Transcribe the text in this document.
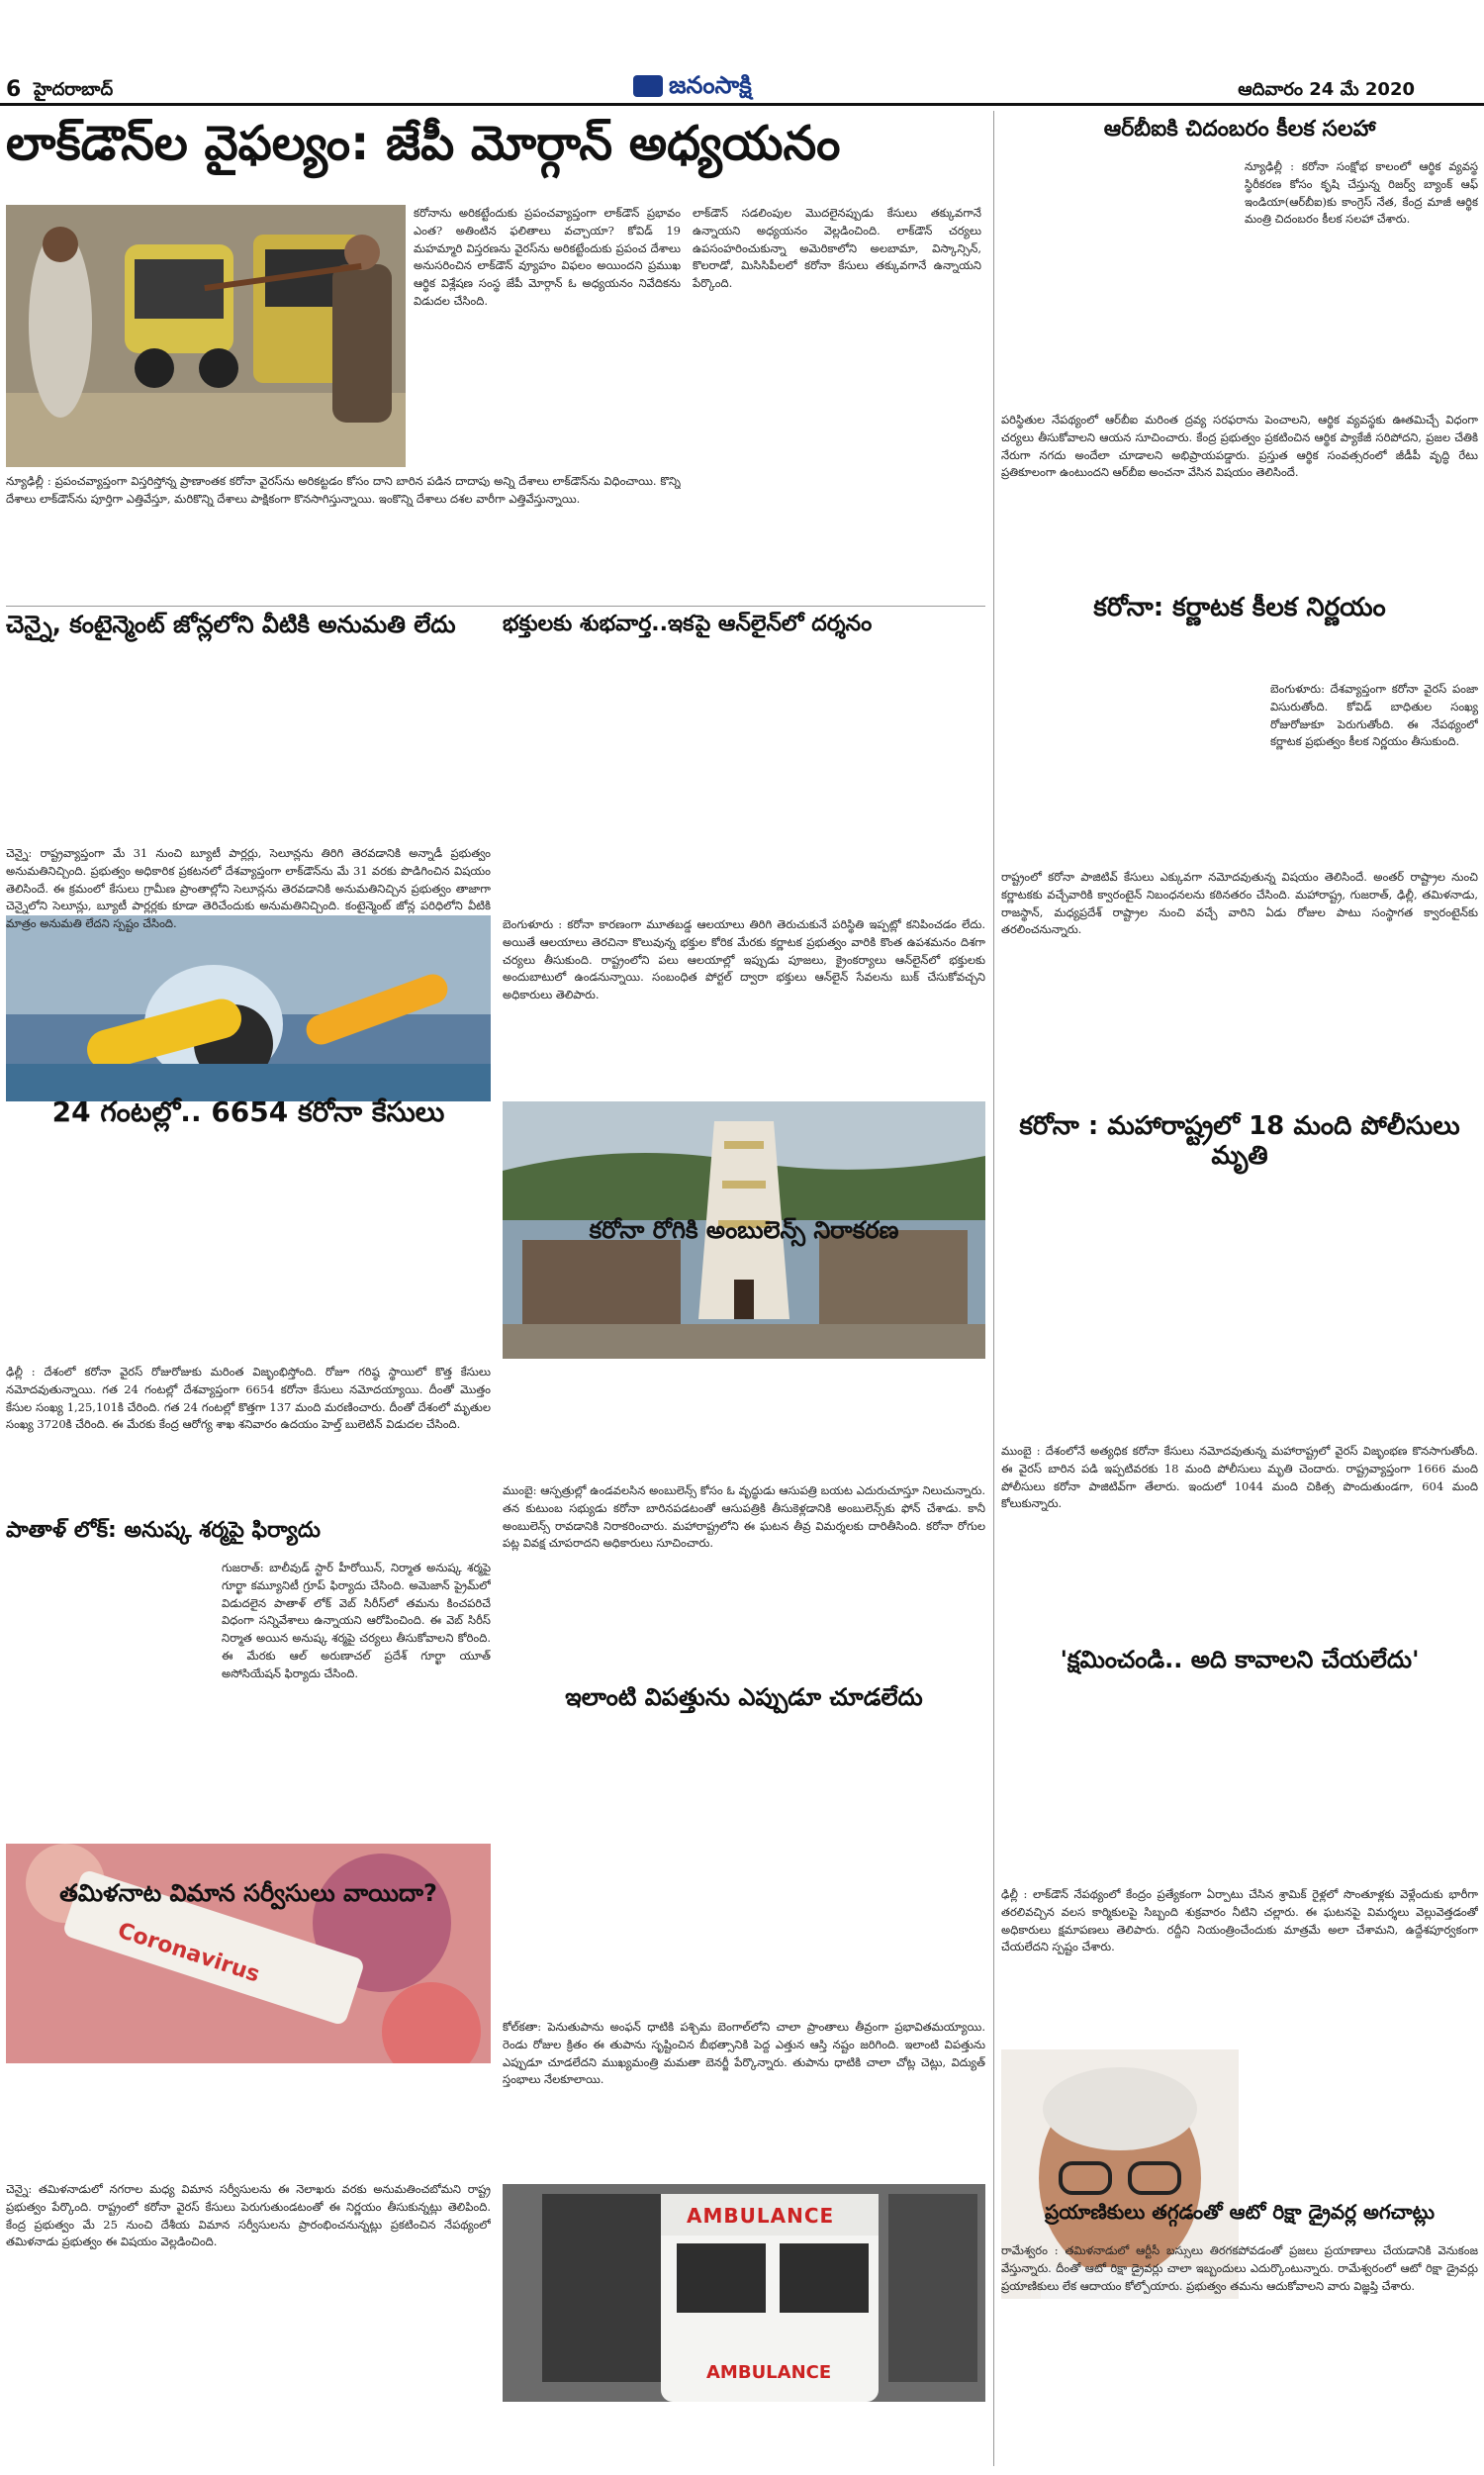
6 హైదరాబాద్	జనంసాక్షి	ఆదివారం 24 మే 2020
లాక్‌డౌన్‌ల వైఫల్యం: జేపీ మోర్గాన్ అధ్యయనం
కరోనాను అరికట్టేందుకు ప్రపంచవ్యాప్తంగా లాక్‌డౌన్ ప్రభావం ఎంత? అతింటిన ఫలితాలు వచ్చాయా? కోవిడ్ 19 మహమ్మారి విస్తరణను వైరస్‌ను అరికట్టేందుకు ప్రపంచ దేశాలు అనుసరించిన లాక్‌డౌన్ వ్యూహం విఫలం అయిందని ప్రముఖ ఆర్థిక విశ్లేషణ సంస్థ జేపీ మోర్గాన్ ఓ అధ్యయనం నివేదికను విడుదల చేసింది.
లాక్‌డౌన్ సడలింపుల మొదలైనప్పుడు కేసులు తక్కువగానే ఉన్నాయని అధ్యయనం వెల్లడించింది. లాక్‌డౌన్ చర్యలు ఉపసంహరించుకున్నా అమెరికాలోని అలబామా, విస్కాన్సిన్, కొలరాడో, మిసిసిపీలలో కరోనా కేసులు తక్కువగానే ఉన్నాయని పేర్కొంది.
న్యూఢిల్లీ : ప్రపంచవ్యాప్తంగా విస్తరిస్తోన్న ప్రాణాంతక కరోనా వైరస్‌ను అరికట్టడం కోసం దాని బారిన పడిన దాదాపు అన్ని దేశాలు లాక్‌డౌన్‌ను విధించాయి. కొన్ని దేశాలు లాక్‌డౌన్‌ను పూర్తిగా ఎత్తివేస్తూ, మరికొన్ని దేశాలు పాక్షికంగా కొనసాగిస్తున్నాయి. ఇంకొన్ని దేశాలు దశల వారీగా ఎత్తివేస్తున్నాయి.
చెన్నై, కంటైన్మెంట్ జోన్లలోని వీటికి అనుమతి లేదు
చెన్నై: రాష్ట్రవ్యాప్తంగా మే 31 నుంచి బ్యూటీ పార్లర్లు, సెలూన్లను తిరిగి తెరవడానికి అన్నాడీ ప్రభుత్వం అనుమతినిచ్చింది. ప్రభుత్వం అధికారిక ప్రకటనలో దేశవ్యాప్తంగా లాక్‌డౌన్‌ను మే 31 వరకు పొడిగించిన విషయం తెలిసిందే. ఈ క్రమంలో కేసులు గ్రామీణ ప్రాంతాల్లోని సెలూన్లను తెరవడానికి అనుమతినిచ్చిన ప్రభుత్వం తాజాగా చెన్నైలోని సెలూన్లు, బ్యూటీ పార్లర్లకు కూడా తెరిచేందుకు అనుమతినిచ్చింది. కంటైన్మెంట్ జోన్ల పరిధిలోని వీటికి మాత్రం అనుమతి లేదని స్పష్టం చేసింది.
భక్తులకు శుభవార్త..ఇకపై ఆన్‌లైన్‌లో దర్శనం
బెంగుళూరు : కరోనా కారణంగా మూతబడ్డ ఆలయాలు తిరిగి తెరుచుకునే పరిస్థితి ఇప్పట్లో కనిపించడం లేదు. అయితే ఆలయాలు తెరచినా కొలువున్న భక్తుల కోరిక మేరకు కర్ణాటక ప్రభుత్వం వారికి కొంత ఉపశమనం దిశగా చర్యలు తీసుకుంది. రాష్ట్రంలోని పలు ఆలయాల్లో ఇప్పుడు పూజలు, క్రైంకర్యాలు ఆన్‌లైన్‌లో భక్తులకు అందుబాటులో ఉండనున్నాయి. సంబంధిత పోర్టల్ ద్వారా భక్తులు ఆన్‌లైన్ సేవలను బుక్ చేసుకోవచ్చని అధికారులు తెలిపారు.
24 గంటల్లో.. 6654 కరోనా కేసులు
Coronavirus
ఢిల్లీ : దేశంలో కరోనా వైరస్ రోజురోజుకు మరింత విజృంభిస్తోంది. రోజూ గరిష్ఠ స్థాయిలో కొత్త కేసులు నమోదవుతున్నాయి. గత 24 గంటల్లో దేశవ్యాప్తంగా 6654 కరోనా కేసులు నమోదయ్యాయి. దీంతో మొత్తం కేసుల సంఖ్య 1,25,101కి చేరింది. గత 24 గంటల్లో కొత్తగా 137 మంది మరణించారు. దీంతో దేశంలో మృతుల సంఖ్య 3720కి చేరింది. ఈ మేరకు కేంద్ర ఆరోగ్య శాఖ శనివారం ఉదయం హెల్త్ బులెటిన్ విడుదల చేసింది.
కరోనా రోగికి అంబులెన్స్ నిరాకరణ
AMBULANCE
AMBULANCE
ముంబై: ఆస్పత్రుల్లో ఉండవలసిన అంబులెన్స్ కోసం ఓ వృద్ధుడు ఆసుపత్రి బయట ఎదురుచూస్తూ నిలుచున్నారు. తన కుటుంబ సభ్యుడు కరోనా బారినపడటంతో ఆసుపత్రికి తీసుకెళ్లడానికి అంబులెన్స్‌కు ఫోన్ చేశాడు. కానీ అంబులెన్స్ రావడానికి నిరాకరించారు. మహారాష్ట్రలోని ఈ ఘటన తీవ్ర విమర్శలకు దారితీసింది. కరోనా రోగుల పట్ల వివక్ష చూపరాదని అధికారులు సూచించారు.
పాతాళ్ లోక్: అనుష్క శర్మపై ఫిర్యాదు
గుజరాత్: బాలీవుడ్ స్టార్ హీరోయిన్, నిర్మాత అనుష్క శర్మపై గూర్ఖా కమ్యూనిటీ గ్రూప్ ఫిర్యాదు చేసింది. అమెజాన్ ప్రైమ్‌లో విడుదలైన పాతాళ్ లోక్ వెబ్ సిరీస్‌లో తమను కించపరిచే విధంగా సన్నివేశాలు ఉన్నాయని ఆరోపించింది. ఈ వెబ్ సిరీస్ నిర్మాత అయిన అనుష్క శర్మపై చర్యలు తీసుకోవాలని కోరింది. ఈ మేరకు ఆల్ అరుణాచల్ ప్రదేశ్ గూర్ఖా యూత్ అసోసియేషన్ ఫిర్యాదు చేసింది.
ఇలాంటి విపత్తును ఎప్పుడూ చూడలేదు
కోల్‌కతా: పెనుతుపాను అంఫన్ ధాటికి పశ్చిమ బెంగాల్‌లోని చాలా ప్రాంతాలు తీవ్రంగా ప్రభావితమయ్యాయి. రెండు రోజుల క్రితం ఈ తుపాను సృష్టించిన బీభత్సానికి పెద్ద ఎత్తున ఆస్తి నష్టం జరిగింది. ఇలాంటి విపత్తును ఎప్పుడూ చూడలేదని ముఖ్యమంత్రి మమతా బెనర్జీ పేర్కొన్నారు. తుపాను ధాటికి చాలా చోట్ల చెట్లు, విద్యుత్ స్తంభాలు నేలకూలాయి.
తమిళనాట విమాన సర్వీసులు వాయిదా?
చెన్నై: తమిళనాడులో నగరాల మధ్య విమాన సర్వీసులను ఈ నెలాఖరు వరకు అనుమతించబోమని రాష్ట్ర ప్రభుత్వం పేర్కొంది. రాష్ట్రంలో కరోనా వైరస్ కేసులు పెరుగుతుండటంతో ఈ నిర్ణయం తీసుకున్నట్లు తెలిపింది. కేంద్ర ప్రభుత్వం మే 25 నుంచి దేశీయ విమాన సర్వీసులను ప్రారంభించనున్నట్లు ప్రకటించిన నేపథ్యంలో తమిళనాడు ప్రభుత్వం ఈ విషయం వెల్లడించింది.
ఆర్‌బీఐకి చిదంబరం కీలక సలహా
న్యూఢిల్లీ : కరోనా సంక్షోభ కాలంలో ఆర్థిక వ్యవస్థ స్థిరీకరణ కోసం కృషి చేస్తున్న రిజర్వ్ బ్యాంక్ ఆఫ్ ఇండియా(ఆర్‌బీఐ)కు కాంగ్రెస్ నేత, కేంద్ర మాజీ ఆర్థిక మంత్రి చిదంబరం కీలక సలహా చేశారు.
పరిస్థితుల నేపథ్యంలో ఆర్‌బీఐ మరింత ద్రవ్య సరఫరాను పెంచాలని, ఆర్థిక వ్యవస్థకు ఊతమిచ్చే విధంగా చర్యలు తీసుకోవాలని ఆయన సూచించారు. కేంద్ర ప్రభుత్వం ప్రకటించిన ఆర్థిక ప్యాకేజీ సరిపోదని, ప్రజల చేతికి నేరుగా నగదు అందేలా చూడాలని అభిప్రాయపడ్డారు. ప్రస్తుత ఆర్థిక సంవత్సరంలో జీడీపీ వృద్ధి రేటు ప్రతికూలంగా ఉంటుందని ఆర్‌బీఐ అంచనా వేసిన విషయం తెలిసిందే.
కరోనా: కర్ణాటక కీలక నిర్ణయం
బెంగుళూరు: దేశవ్యాప్తంగా కరోనా వైరస్ పంజా విసురుతోంది. కోవిడ్ బాధితుల సంఖ్య రోజురోజుకూ పెరుగుతోంది. ఈ నేపథ్యంలో కర్ణాటక ప్రభుత్వం కీలక నిర్ణయం తీసుకుంది.
రాష్ట్రంలో కరోనా పాజిటివ్ కేసులు ఎక్కువగా నమోదవుతున్న విషయం తెలిసిందే. అంతర్ రాష్ట్రాల నుంచి కర్ణాటకకు వచ్చేవారికి క్వారంటైన్ నిబంధనలను కఠినతరం చేసింది. మహారాష్ట్ర, గుజరాత్, ఢిల్లీ, తమిళనాడు, రాజస్థాన్, మధ్యప్రదేశ్ రాష్ట్రాల నుంచి వచ్చే వారిని ఏడు రోజుల పాటు సంస్థాగత క్వారంటైన్‌కు తరలించనున్నారు.
కరోనా : మహారాష్ట్రలో 18 మంది పోలీసులు మృతి
ముంబై : దేశంలోనే అత్యధిక కరోనా కేసులు నమోదవుతున్న మహారాష్ట్రలో వైరస్ విజృంభణ కొనసాగుతోంది. ఈ వైరస్ బారిన పడి ఇప్పటివరకు 18 మంది పోలీసులు మృతి చెందారు. రాష్ట్రవ్యాప్తంగా 1666 మంది పోలీసులు కరోనా పాజిటివ్‌గా తేలారు. ఇందులో 1044 మంది చికిత్స పొందుతుండగా, 604 మంది కోలుకున్నారు.
'క్షమించండి.. అది కావాలని చేయలేదు'
ఢిల్లీ : లాక్‌డౌన్ నేపథ్యంలో కేంద్రం ప్రత్యేకంగా ఏర్పాటు చేసిన శ్రామిక్ రైళ్లలో సొంతూళ్లకు వెళ్లేందుకు భారీగా తరలివచ్చిన వలస కార్మికులపై సిబ్బంది శుక్రవారం నీటిని చల్లారు. ఈ ఘటనపై విమర్శలు వెల్లువెత్తడంతో అధికారులు క్షమాపణలు తెలిపారు. రద్దీని నియంత్రించేందుకు మాత్రమే అలా చేశామని, ఉద్దేశపూర్వకంగా చేయలేదని స్పష్టం చేశారు.
ప్రయాణికులు తగ్గడంతో ఆటో రిక్షా డ్రైవర్ల అగచాట్లు
రామేశ్వరం : తమిళనాడులో ఆర్టీసీ బస్సులు తిరగకపోవడంతో ప్రజలు ప్రయాణాలు చేయడానికి వెనుకంజ వేస్తున్నారు. దీంతో ఆటో రిక్షా డ్రైవర్లు చాలా ఇబ్బందులు ఎదుర్కొంటున్నారు. రామేశ్వరంలో ఆటో రిక్షా డ్రైవర్లు ప్రయాణికులు లేక ఆదాయం కోల్పోయారు. ప్రభుత్వం తమను ఆదుకోవాలని వారు విజ్ఞప్తి చేశారు.
